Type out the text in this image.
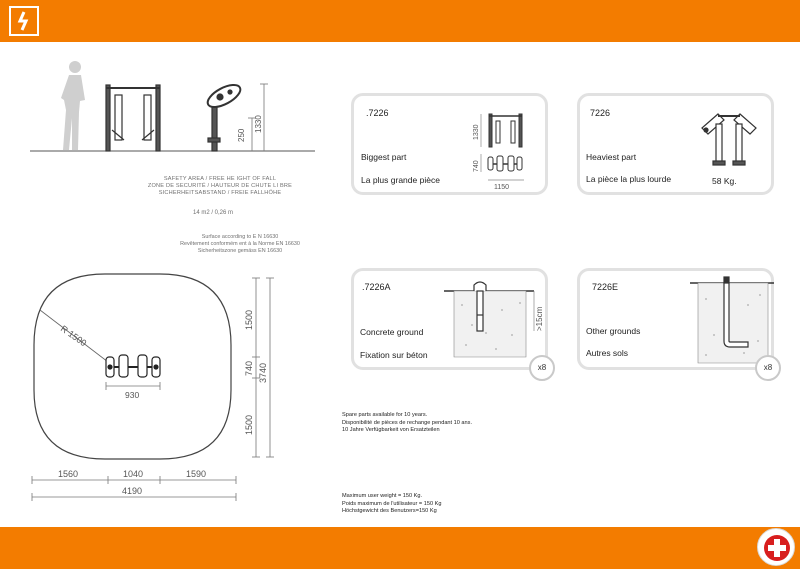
250
1330
SAFETY AREA / FREE HE IGHT OF FALL
ZONE DE SECURITÉ / HAUTEUR DE CHUTE LI BRE
SICHERHEITSABSTAND / FREIE FALLHÖHE
14 m2 / 0,26 m
Surface according to E N 16630
Revêtement conformém ent à la Norme EN 16630
Sicherheitszone gemäss EN 16630
R 1500
930
1500
740
1500
3740
1560	1040	1590
4190
.7226
Biggest part
La plus grande pièce
1330
740
1150
7226
Heaviest part
La pièce la plus lourde	58 Kg.
.7226A
Concrete ground
Fixation sur béton
>15cm
x8
7226E
Other grounds
Autres sols
x8
Spare parts available for 10 years.
Disponibilité de pièces de rechange pendant 10 ans.
10 Jahre Verfügbarkeit von Ersatzteilen
Maximum user weight = 150 Kg.
Poids maximum de l'utilisateur = 150 Kg
Höchstgewicht des Benutzers=150 Kg
